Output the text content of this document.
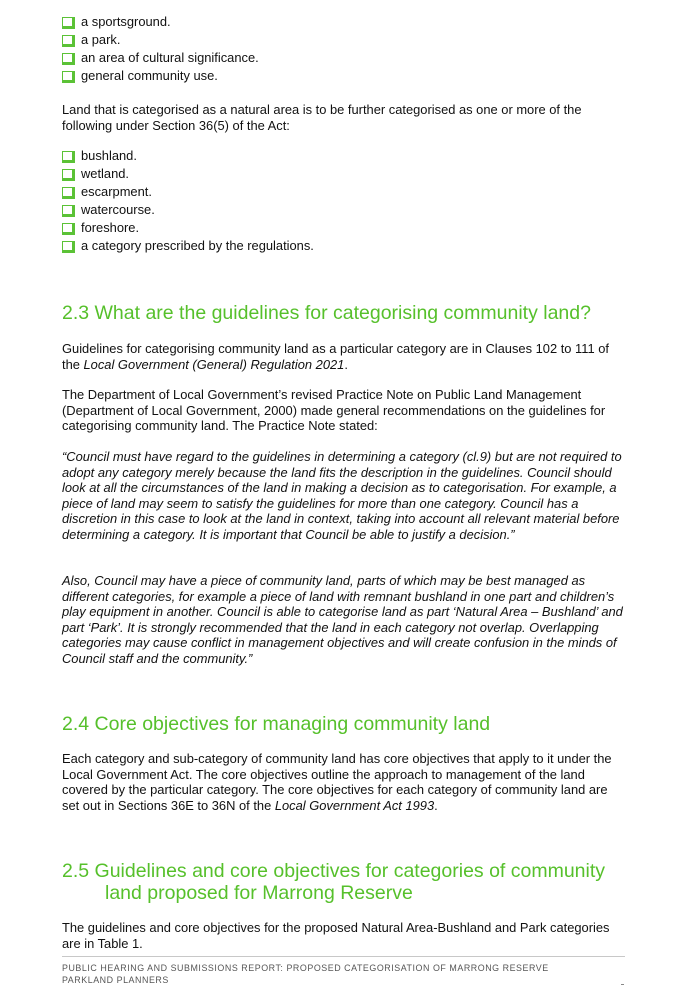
a sportsground.
a park.
an area of cultural significance.
general community use.

Land that is categorised as a natural area is to be further categorised as one or more of the following under Section 36(5) of the Act:

bushland.
wetland.
escarpment.
watercourse.
foreshore.
a category prescribed by the regulations.
2.3 What are the guidelines for categorising community land?

Guidelines for categorising community land as a particular category are in Clauses 102 to 111 of the Local Government (General) Regulation 2021.

The Department of Local Government’s revised Practice Note on Public Land Management (Department of Local Government, 2000) made general recommendations on the guidelines for categorising community land. The Practice Note stated:

“Council must have regard to the guidelines in determining a category (cl.9) but are not required to adopt any category merely because the land fits the description in the guidelines. Council should look at all the circumstances of the land in making a decision as to categorisation. For example, a piece of land may seem to satisfy the guidelines for more than one category. Council has a discretion in this case to look at the land in context, taking into account all relevant material before determining a category. It is important that Council be able to justify a decision.”

Also, Council may have a piece of community land, parts of which may be best managed as different categories, for example a piece of land with remnant bushland in one part and children’s play equipment in another. Council is able to categorise land as part ‘Natural Area – Bushland’ and part ‘Park’. It is strongly recommended that the land in each category not overlap. Overlapping categories may cause conflict in management objectives and will create confusion in the minds of Council staff and the community.”

2.4 Core objectives for managing community land

Each category and sub-category of community land has core objectives that apply to it under the Local Government Act. The core objectives outline the approach to management of the land covered by the particular category. The core objectives for each category of community land are set out in Sections 36E to 36N of the Local Government Act 1993.

2.5 Guidelines and core objectives for categories of community
land proposed for Marrong Reserve

The guidelines and core objectives for the proposed Natural Area-Bushland and Park categories are in Table 1.

PUBLIC HEARING AND SUBMISSIONS REPORT: PROPOSED CATEGORISATION OF MARRONG RESERVE
PARKLAND PLANNERS
